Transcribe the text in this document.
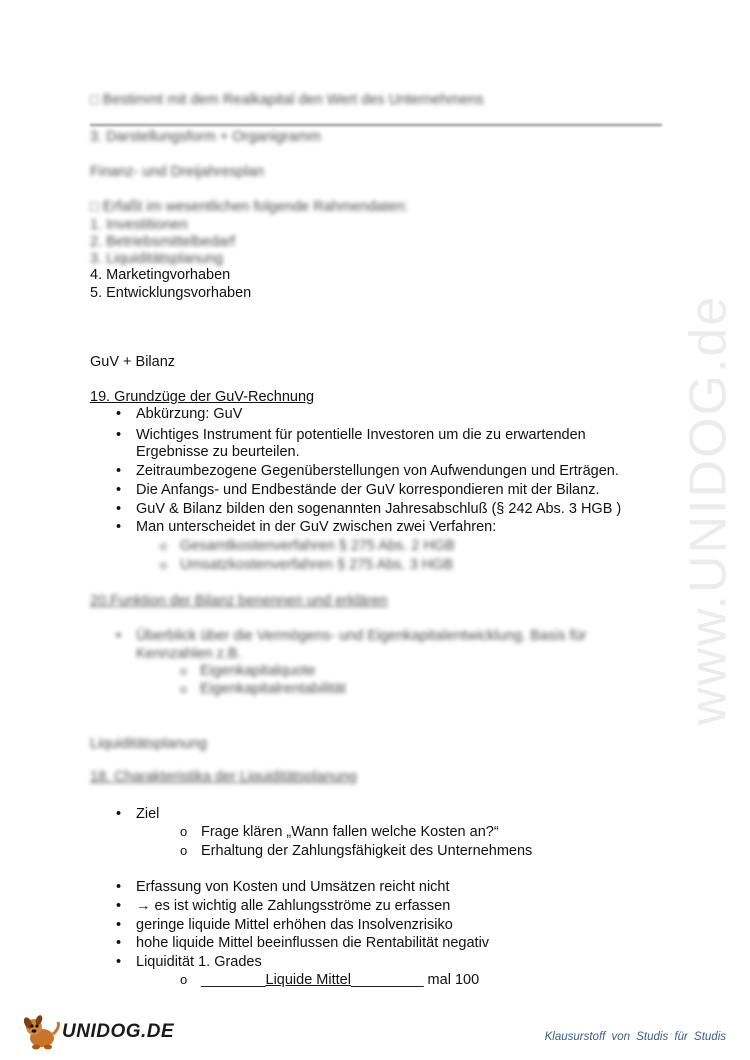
www.UNIDOG.de
□ Bestimmt mit dem Realkapital den Wert des Unternehmens
3. Darstellungsform + Organigramm
Finanz- und Dreijahresplan
□ Erfaßt im wesentlichen folgende Rahmendaten:
1. Investitionen
2. Betriebsmittelbedarf
3. Liquiditätsplanung
4. Marketingvorhaben
5. Entwicklungsvorhaben
GuV + Bilanz
19. Grundzüge der GuV-Rechnung
• Abkürzung: GuV
• Wichtiges Instrument für potentielle Investoren um die zu erwartenden
Ergebnisse zu beurteilen.
• Zeitraumbezogene Gegenüberstellungen von Aufwendungen und Erträgen.
• Die Anfangs- und Endbestände der GuV korrespondieren mit der Bilanz.
• GuV & Bilanz bilden den sogenannten Jahresabschluß (§ 242 Abs. 3 HGB )
• Man unterscheidet in der GuV zwischen zwei Verfahren:
o Gesamtkostenverfahren § 275 Abs. 2 HGB
o Umsatzkostenverfahren § 275 Abs. 3 HGB
20.Funktion der Bilanz benennen und erklären
• Überblick über die Vermögens- und Eigenkapitalentwicklung. Basis für
Kennzahlen z.B.
o Eigenkapitalquote
o Eigenkapitalrentabilität
Liquiditätsplanung
18. Charakteristika der Liquiditätsplanung
• Ziel
o Frage klären „Wann fallen welche Kosten an?“
o Erhaltung der Zahlungsfähigkeit des Unternehmens
• Erfassung von Kosten und Umsätzen reicht nicht
• → es ist wichtig alle Zahlungsströme zu erfassen
• geringe liquide Mittel erhöhen das Insolvenzrisiko
• hohe liquide Mittel beeinflussen die Rentabilität negativ
• Liquidität 1. Grades
o ________Liquide Mittel_________ mal 100
UNIDOG.DE	Klausurstoff von Studis für Studis
